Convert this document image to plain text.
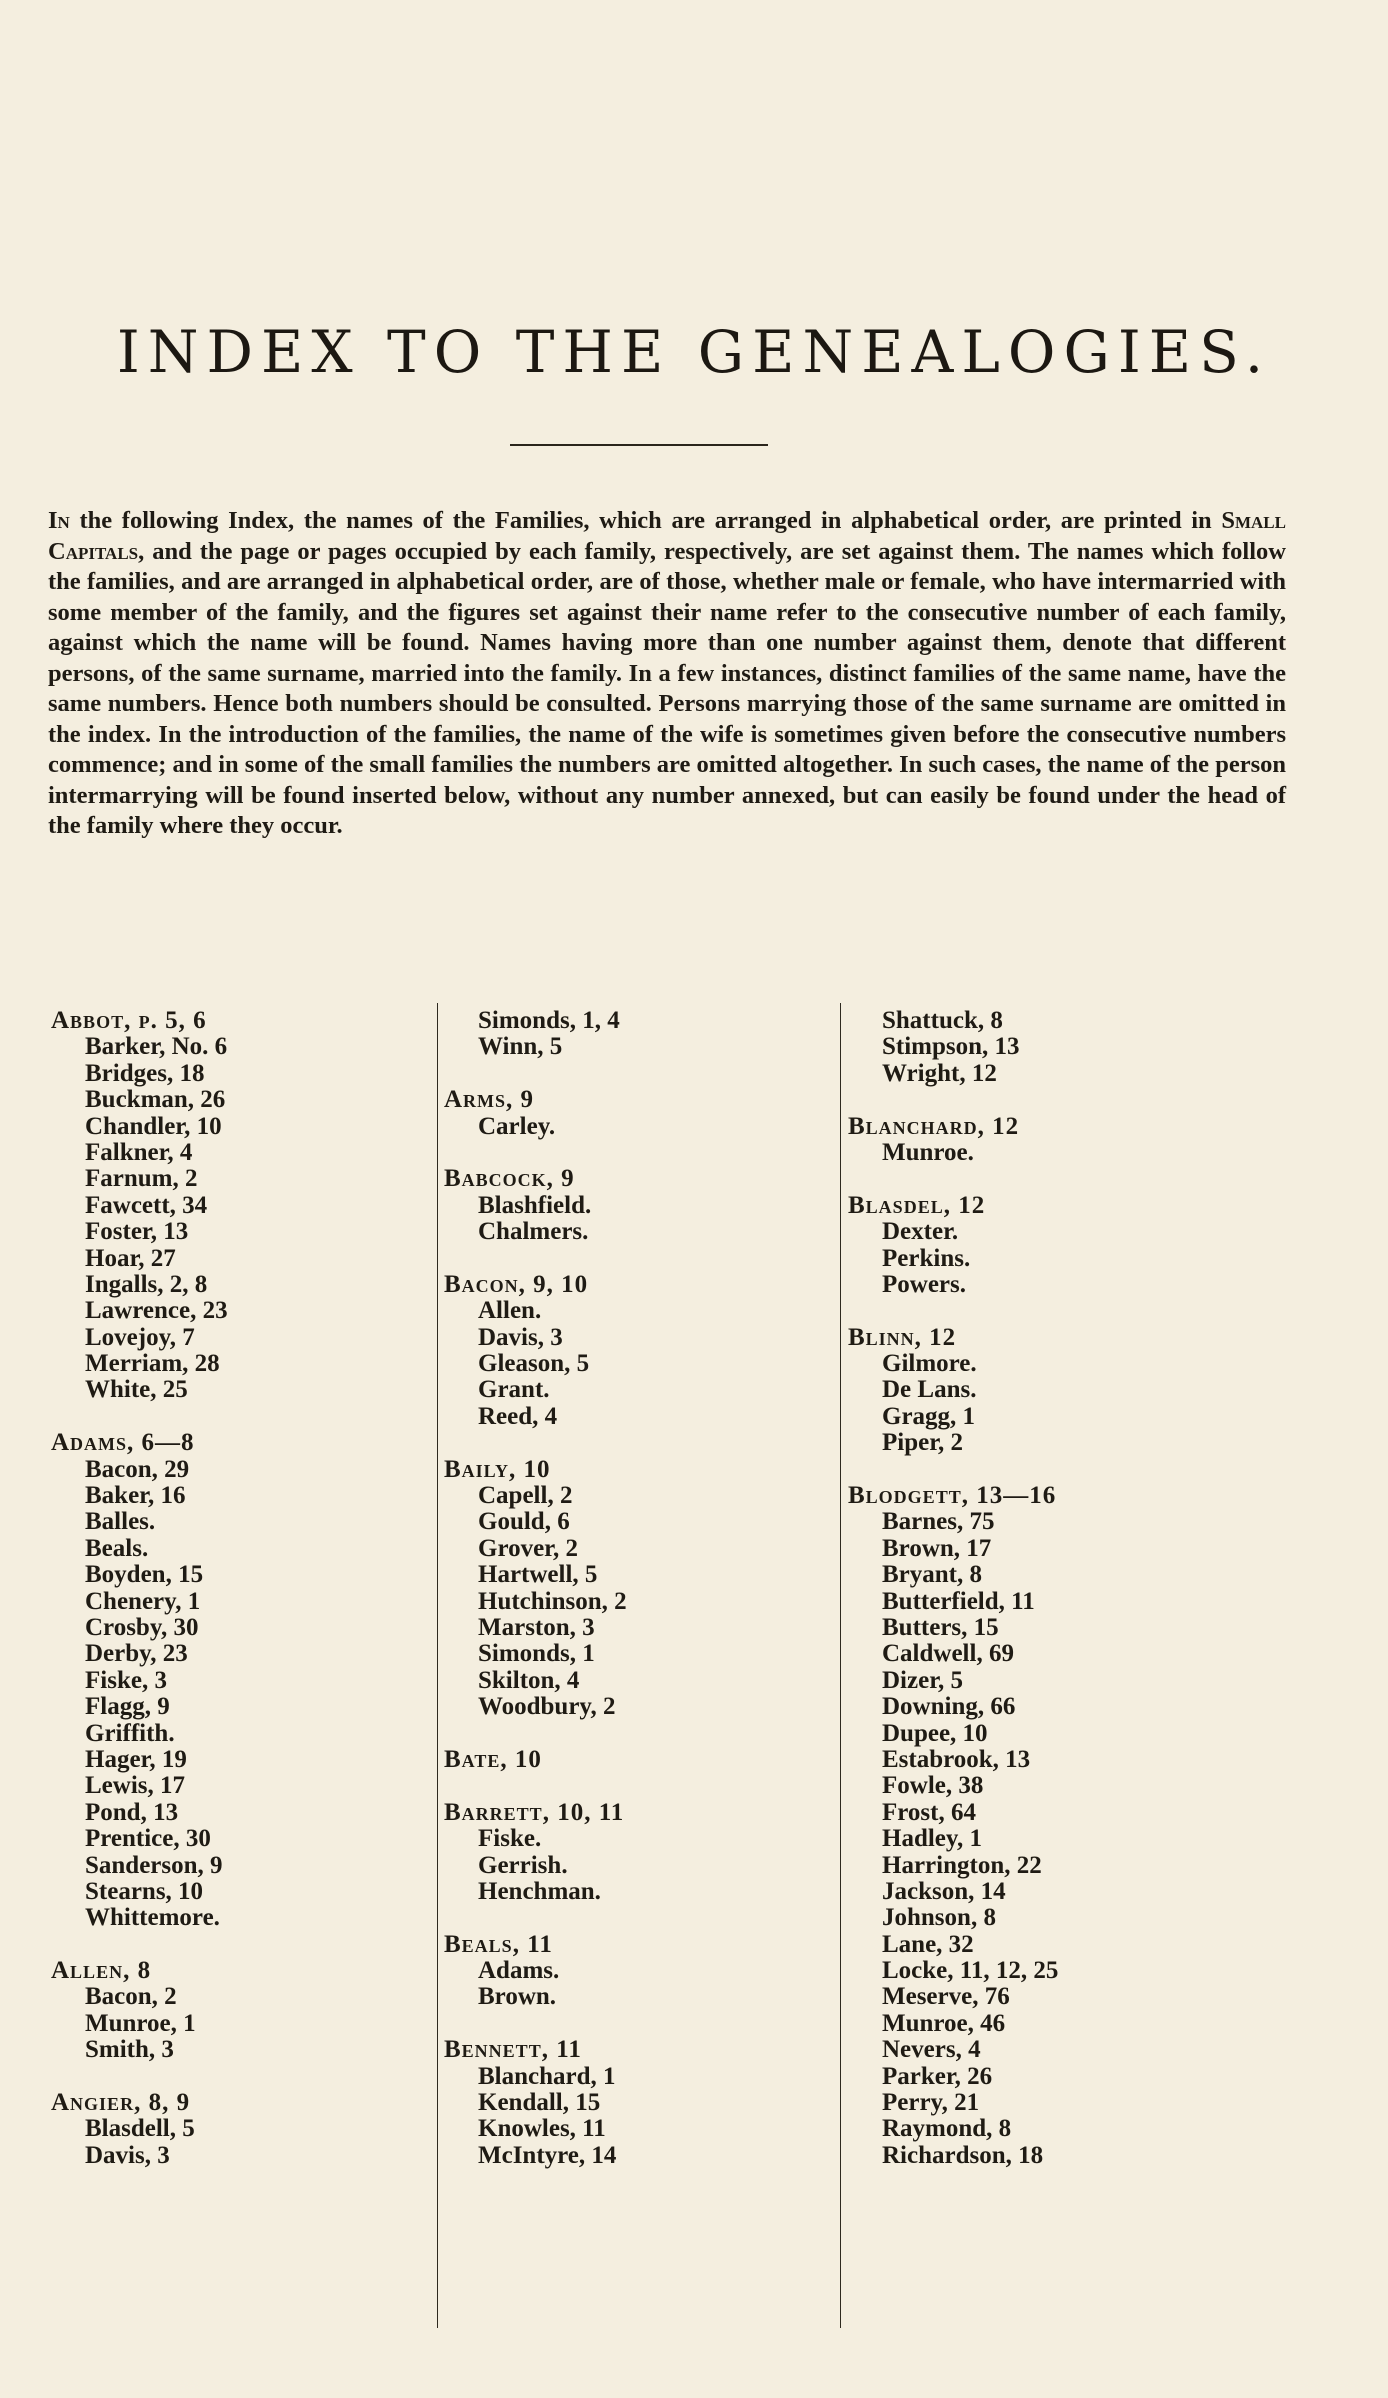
INDEX TO THE GENEALOGIES.

In the following Index, the names of the Families, which are arranged in alphabetical order, are printed in Small Capitals, and the page or pages occupied by each family, respectively, are set against them. The names which follow the families, and are arranged in alphabetical order, are of those, whether male or female, who have intermarried with some member of the family, and the figures set against their name refer to the consecutive number of each family, against which the name will be found. Names having more than one number against them, denote that different persons, of the same surname, married into the family. In a few instances, distinct families of the same name, have the same numbers. Hence both numbers should be consulted. Persons marrying those of the same surname are omitted in the index. In the introduction of the families, the name of the wife is sometimes given before the consecutive numbers commence; and in some of the small families the numbers are omitted altogether. In such cases, the name of the person intermarrying will be found inserted below, without any number annexed, but can easily be found under the head of the family where they occur.

Abbot, p. 5, 6
Barker, No. 6
Bridges, 18
Buckman, 26
Chandler, 10
Falkner, 4
Farnum, 2
Fawcett, 34
Foster, 13
Hoar, 27
Ingalls, 2, 8
Lawrence, 23
Lovejoy, 7
Merriam, 28
White, 25
Adams, 6—8
Bacon, 29
Baker, 16
Balles.
Beals.
Boyden, 15
Chenery, 1
Crosby, 30
Derby, 23
Fiske, 3
Flagg, 9
Griffith.
Hager, 19
Lewis, 17
Pond, 13
Prentice, 30
Sanderson, 9
Stearns, 10
Whittemore.
Allen, 8
Bacon, 2
Munroe, 1
Smith, 3
Angier, 8, 9
Blasdell, 5
Davis, 3
Simonds, 1, 4
Winn, 5
Arms, 9
Carley.
Babcock, 9
Blashfield.
Chalmers.
Bacon, 9, 10
Allen.
Davis, 3
Gleason, 5
Grant.
Reed, 4
Baily, 10
Capell, 2
Gould, 6
Grover, 2
Hartwell, 5
Hutchinson, 2
Marston, 3
Simonds, 1
Skilton, 4
Woodbury, 2
Bate, 10
Barrett, 10, 11
Fiske.
Gerrish.
Henchman.
Beals, 11
Adams.
Brown.
Bennett, 11
Blanchard, 1
Kendall, 15
Knowles, 11
McIntyre, 14
Shattuck, 8
Stimpson, 13
Wright, 12
Blanchard, 12
Munroe.
Blasdel, 12
Dexter.
Perkins.
Powers.
Blinn, 12
Gilmore.
De Lans.
Gragg, 1
Piper, 2
Blodgett, 13—16
Barnes, 75
Brown, 17
Bryant, 8
Butterfield, 11
Butters, 15
Caldwell, 69
Dizer, 5
Downing, 66
Dupee, 10
Estabrook, 13
Fowle, 38
Frost, 64
Hadley, 1
Harrington, 22
Jackson, 14
Johnson, 8
Lane, 32
Locke, 11, 12, 25
Meserve, 76
Munroe, 46
Nevers, 4
Parker, 26
Perry, 21
Raymond, 8
Richardson, 18
